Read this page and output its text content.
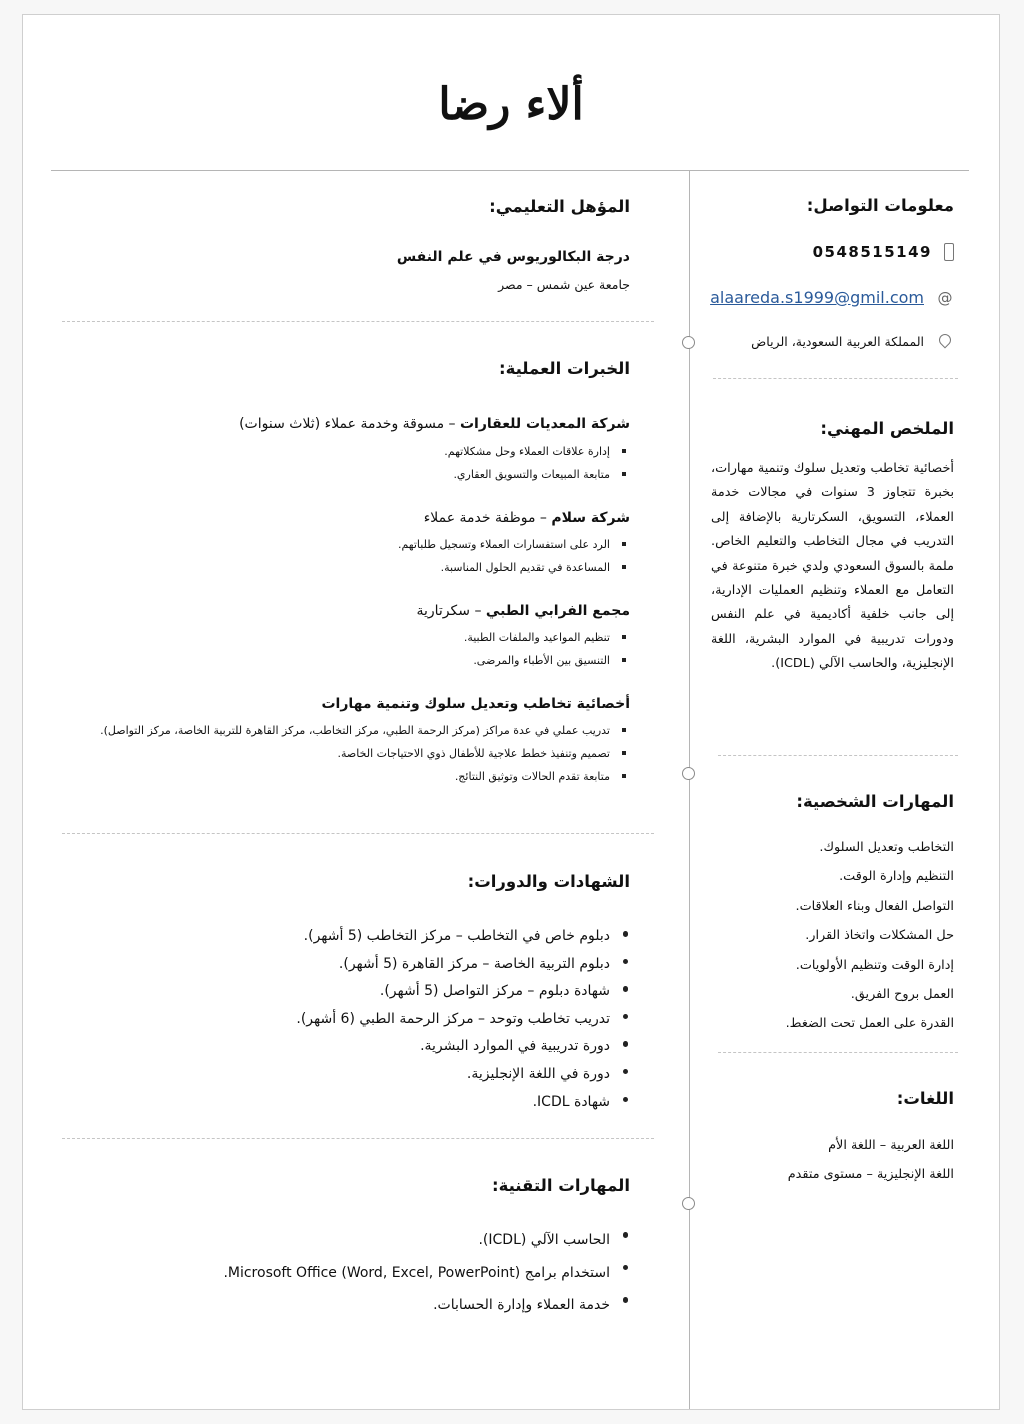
ألاء رضا
معلومات التواصل:
0548515149
@
alaareda.s1999@gmil.com
المملكة العربية السعودية، الرياض
الملخص المهني:

أخصائية تخاطب وتعديل سلوك وتنمية مهارات، بخبرة تتجاوز 3 سنوات في مجالات خدمة العملاء، التسويق، السكرتارية بالإضافة إلى التدريب في مجال التخاطب والتعليم الخاص. ملمة بالسوق السعودي ولدي خبرة متنوعة في التعامل مع العملاء وتنظيم العمليات الإدارية، إلى جانب خلفية أكاديمية في علم النفس ودورات تدريبية في الموارد البشرية، اللغة الإنجليزية، والحاسب الآلي (ICDL).

المهارات الشخصية:
التخاطب وتعديل السلوك.
التنظيم وإدارة الوقت.
التواصل الفعال وبناء العلاقات.
حل المشكلات واتخاذ القرار.
إدارة الوقت وتنظيم الأولويات.
العمل بروح الفريق.
القدرة على العمل تحت الضغط.
اللغات:
اللغة العربية – اللغة الأم
اللغة الإنجليزية – مستوى متقدم
المؤهل التعليمي:

درجة البكالوريوس في علم النفس

جامعة عين شمس – مصر

الخبرات العملية:

شركة المعديات للعقارات – مسوقة وخدمة عملاء (ثلاث سنوات)

إدارة علاقات العملاء وحل مشكلاتهم.
متابعة المبيعات والتسويق العقاري.

شركة سلام – موظفة خدمة عملاء

الرد على استفسارات العملاء وتسجيل طلباتهم.
المساعدة في تقديم الحلول المناسبة.

مجمع الفرابي الطبي – سكرتارية

تنظيم المواعيد والملفات الطبية.
التنسيق بين الأطباء والمرضى.

أخصائية تخاطب وتعديل سلوك وتنمية مهارات

تدريب عملي في عدة مراكز (مركز الرحمة الطبي، مركز التخاطب، مركز القاهرة للتربية الخاصة، مركز التواصل).
تصميم وتنفيذ خطط علاجية للأطفال ذوي الاحتياجات الخاصة.
متابعة تقدم الحالات وتوثيق النتائج.
الشهادات والدورات:
دبلوم خاص في التخاطب – مركز التخاطب (5 أشهر).
دبلوم التربية الخاصة – مركز القاهرة (5 أشهر).
شهادة دبلوم – مركز التواصل (5 أشهر).
تدريب تخاطب وتوحد – مركز الرحمة الطبي (6 أشهر).
دورة تدريبية في الموارد البشرية.
دورة في اللغة الإنجليزية.
شهادة ICDL.
المهارات التقنية:
الحاسب الآلي (ICDL).
استخدام برامج Microsoft Office (Word, Excel, PowerPoint).
خدمة العملاء وإدارة الحسابات.
